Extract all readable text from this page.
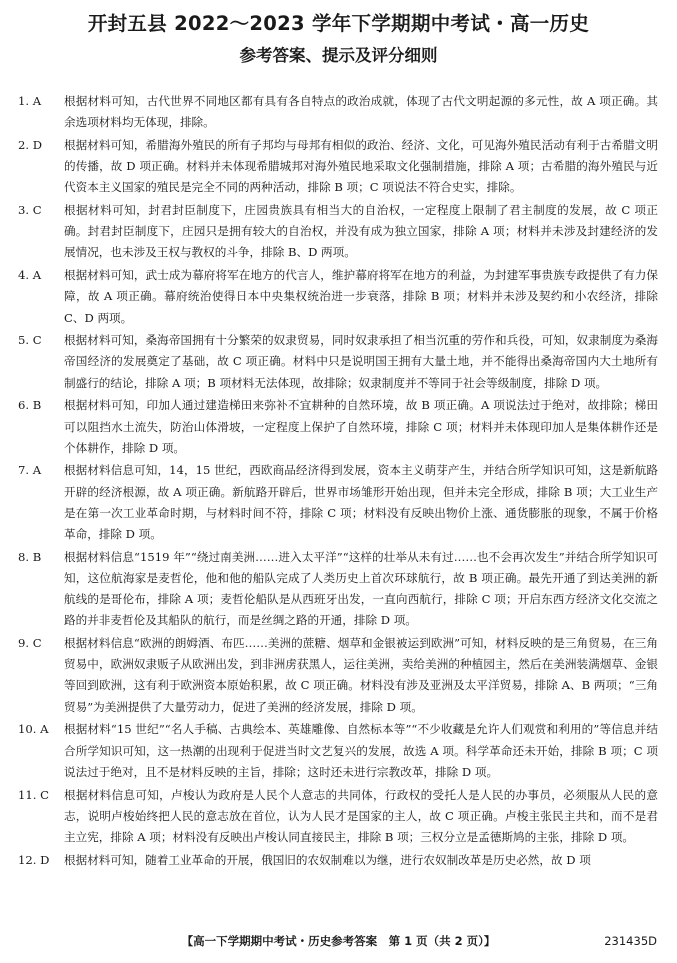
开封五县 2022～2023 学年下学期期中考试・高一历史
参考答案、提示及评分细则
1. A	根据材料可知，古代世界不同地区都有具有各自特点的政治成就，体现了古代文明起源的多元性，故 A 项正确。其余选项材料均无体现，排除。
2. D	根据材料可知，希腊海外殖民的所有子邦均与母邦有相似的政治、经济、文化，可见海外殖民活动有利于古希腊文明的传播，故 D 项正确。材料并未体现希腊城邦对海外殖民地采取文化强制措施，排除 A 项；古希腊的海外殖民与近代资本主义国家的殖民是完全不同的两种活动，排除 B 项；C 项说法不符合史实，排除。
3. C	根据材料可知，封君封臣制度下，庄园贵族具有相当大的自治权，一定程度上限制了君主制度的发展，故 C 项正确。封君封臣制度下，庄园只是拥有较大的自治权，并没有成为独立国家，排除 A 项；材料并未涉及封建经济的发展情况，也未涉及王权与教权的斗争，排除 B、D 两项。
4. A	根据材料可知，武士成为幕府将军在地方的代言人，维护幕府将军在地方的利益，为封建军事贵族专政提供了有力保障，故 A 项正确。幕府统治使得日本中央集权统治进一步衰落，排除 B 项；材料并未涉及契约和小农经济，排除 C、D 两项。
5. C	根据材料可知，桑海帝国拥有十分繁荣的奴隶贸易，同时奴隶承担了相当沉重的劳作和兵役，可知，奴隶制度为桑海帝国经济的发展奠定了基础，故 C 项正确。材料中只是说明国王拥有大量土地，并不能得出桑海帝国内大土地所有制盛行的结论，排除 A 项；B 项材料无法体现，故排除；奴隶制度并不等同于社会等级制度，排除 D 项。
6. B	根据材料可知，印加人通过建造梯田来弥补不宜耕种的自然环境，故 B 项正确。A 项说法过于绝对，故排除；梯田可以阻挡水土流失，防治山体滑坡，一定程度上保护了自然环境，排除 C 项；材料并未体现印加人是集体耕作还是个体耕作，排除 D 项。
7. A	根据材料信息可知，14，15 世纪，西欧商品经济得到发展，资本主义萌芽产生，并结合所学知识可知，这是新航路开辟的经济根源，故 A 项正确。新航路开辟后，世界市场雏形开始出现，但并未完全形成，排除 B 项；大工业生产是在第一次工业革命时期，与材料时间不符，排除 C 项；材料没有反映出物价上涨、通货膨胀的现象，不属于价格革命，排除 D 项。
8. B	根据材料信息“1519 年”“绕过南美洲……进入太平洋”“这样的壮举从未有过……也不会再次发生”并结合所学知识可知，这位航海家是麦哲伦，他和他的船队完成了人类历史上首次环球航行，故 B 项正确。最先开通了到达美洲的新航线的是哥伦布，排除 A 项；麦哲伦船队是从西班牙出发，一直向西航行，排除 C 项；开启东西方经济文化交流之路的并非麦哲伦及其船队的航行，而是丝绸之路的开通，排除 D 项。
9. C	根据材料信息“欧洲的朗姆酒、布匹……美洲的蔗糖、烟草和金银被运到欧洲”可知，材料反映的是三角贸易，在三角贸易中，欧洲奴隶贩子从欧洲出发，到非洲虏获黑人，运往美洲，卖给美洲的种植园主，然后在美洲装满烟草、金银等回到欧洲，这有利于欧洲资本原始积累，故 C 项正确。材料没有涉及亚洲及太平洋贸易，排除 A、B 两项；“三角贸易”为美洲提供了大量劳动力，促进了美洲的经济发展，排除 D 项。
10. A	根据材料“15 世纪”“名人手稿、古典绘本、英雄雕像、自然标本等”“不少收藏是允许人们观赏和利用的”等信息并结合所学知识可知，这一热潮的出现利于促进当时文艺复兴的发展，故选 A 项。科学革命还未开始，排除 B 项；C 项说法过于绝对，且不是材料反映的主旨，排除；这时还未进行宗教改革，排除 D 项。
11. C	根据材料信息可知，卢梭认为政府是人民个人意志的共同体，行政权的受托人是人民的办事员，必须服从人民的意志，说明卢梭始终把人民的意志放在首位，认为人民才是国家的主人，故 C 项正确。卢梭主张民主共和，而不是君主立宪，排除 A 项；材料没有反映出卢梭认同直接民主，排除 B 项；三权分立是孟德斯鸠的主张，排除 D 项。
12. D	根据材料可知，随着工业革命的开展，俄国旧的农奴制难以为继，进行农奴制改革是历史必然，故 D 项
【高一下学期期中考试・历史参考答案　第 1 页（共 2 页）】	231435D
